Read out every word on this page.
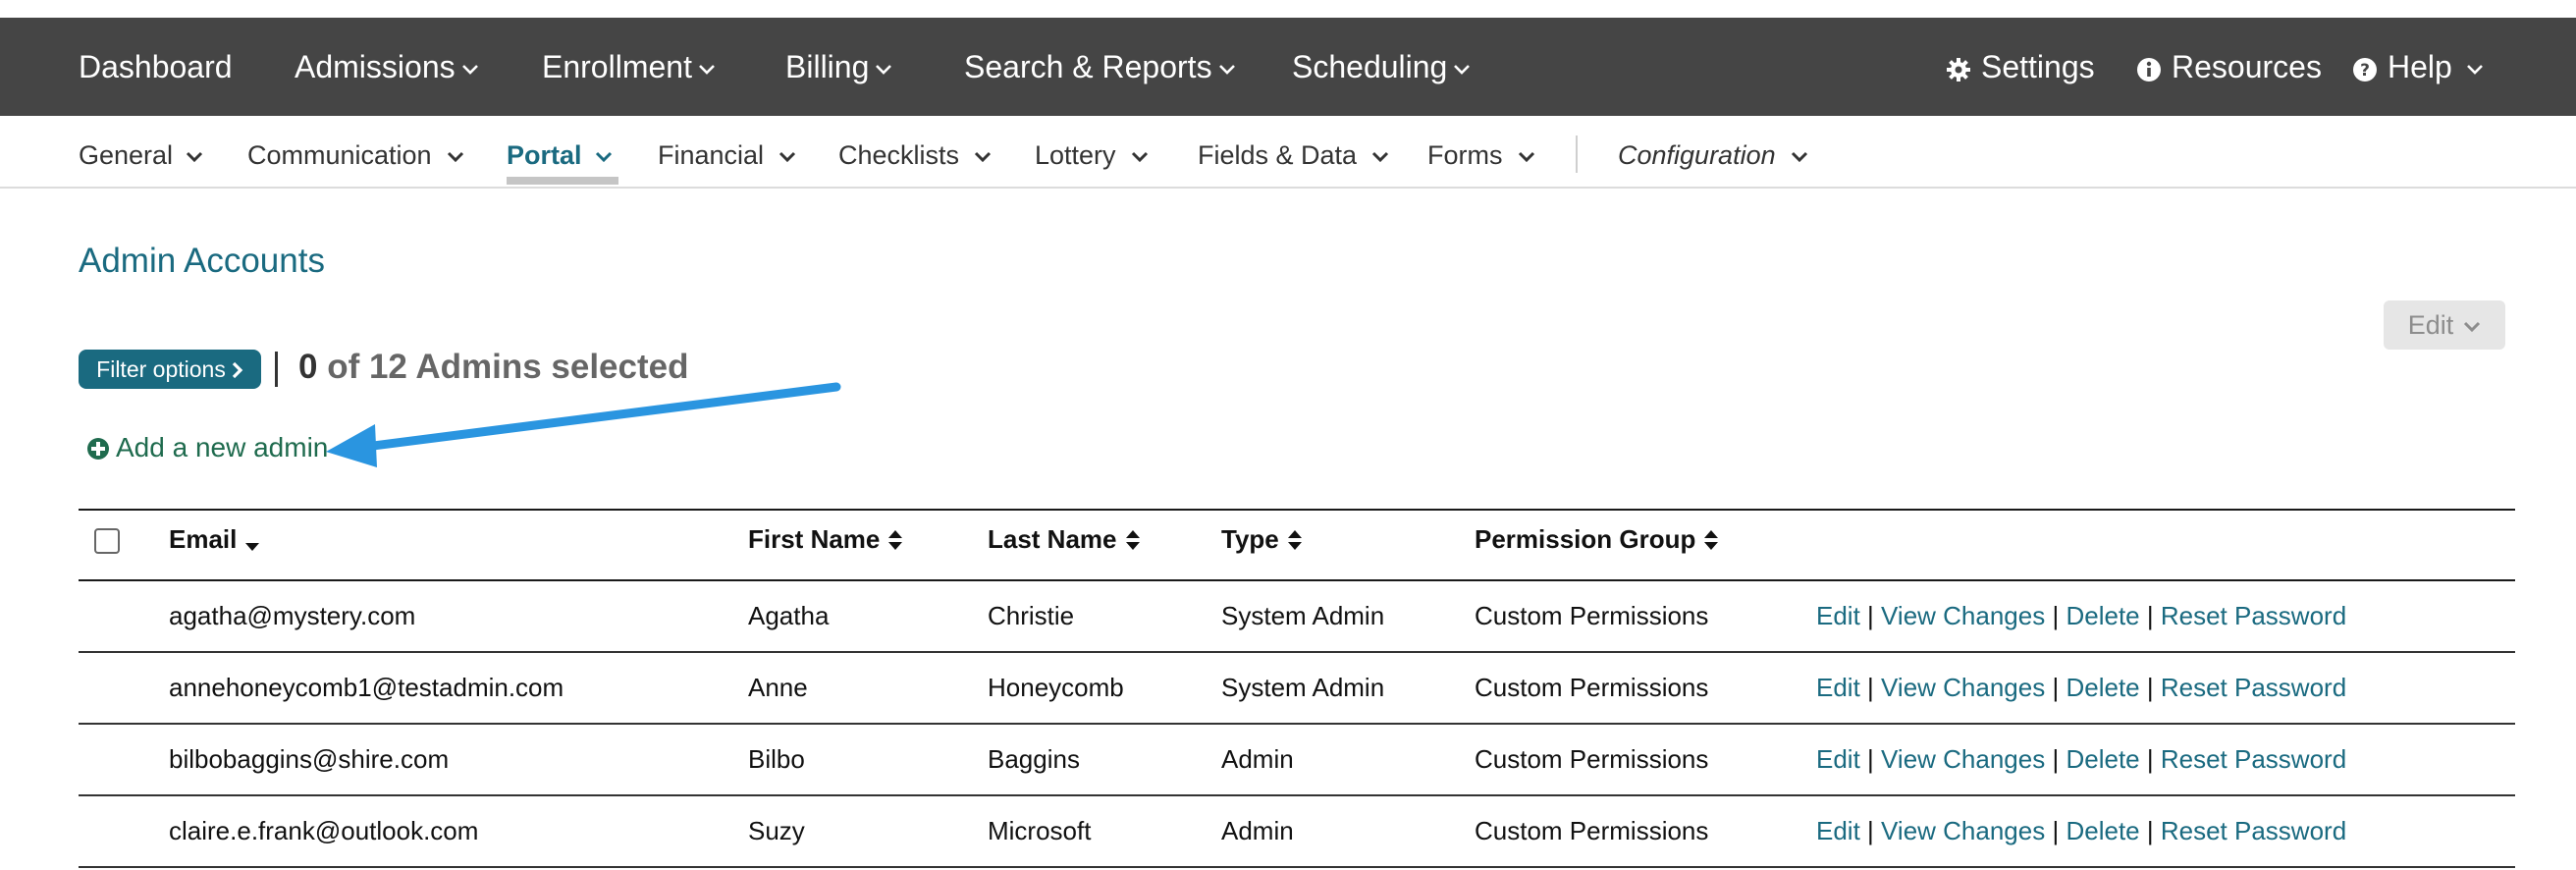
Dashboard Admissions	Enrollment	Billing	Search & Reports	Scheduling	Settings	Resources ? Help
General	Communication	Portal	Financial	Checklists	Lottery	Fields & Data	Forms	Configuration
Admin Accounts
Edit
Filter options	0 of 12 Admins selected
Add a new admin
Email	First Name	Last Name	Type	Permission Group
agatha@mystery.com	Agatha	Christie	System Admin	Custom Permissions	Edit | View Changes | Delete | Reset Password
annehoneycomb1@testadmin.com	Anne	Honeycomb	System Admin	Custom Permissions	Edit | View Changes | Delete | Reset Password
bilbobaggins@shire.com	Bilbo	Baggins	Admin	Custom Permissions	Edit | View Changes | Delete | Reset Password
claire.e.frank@outlook.com	Suzy	Microsoft	Admin	Custom Permissions	Edit | View Changes | Delete | Reset Password
